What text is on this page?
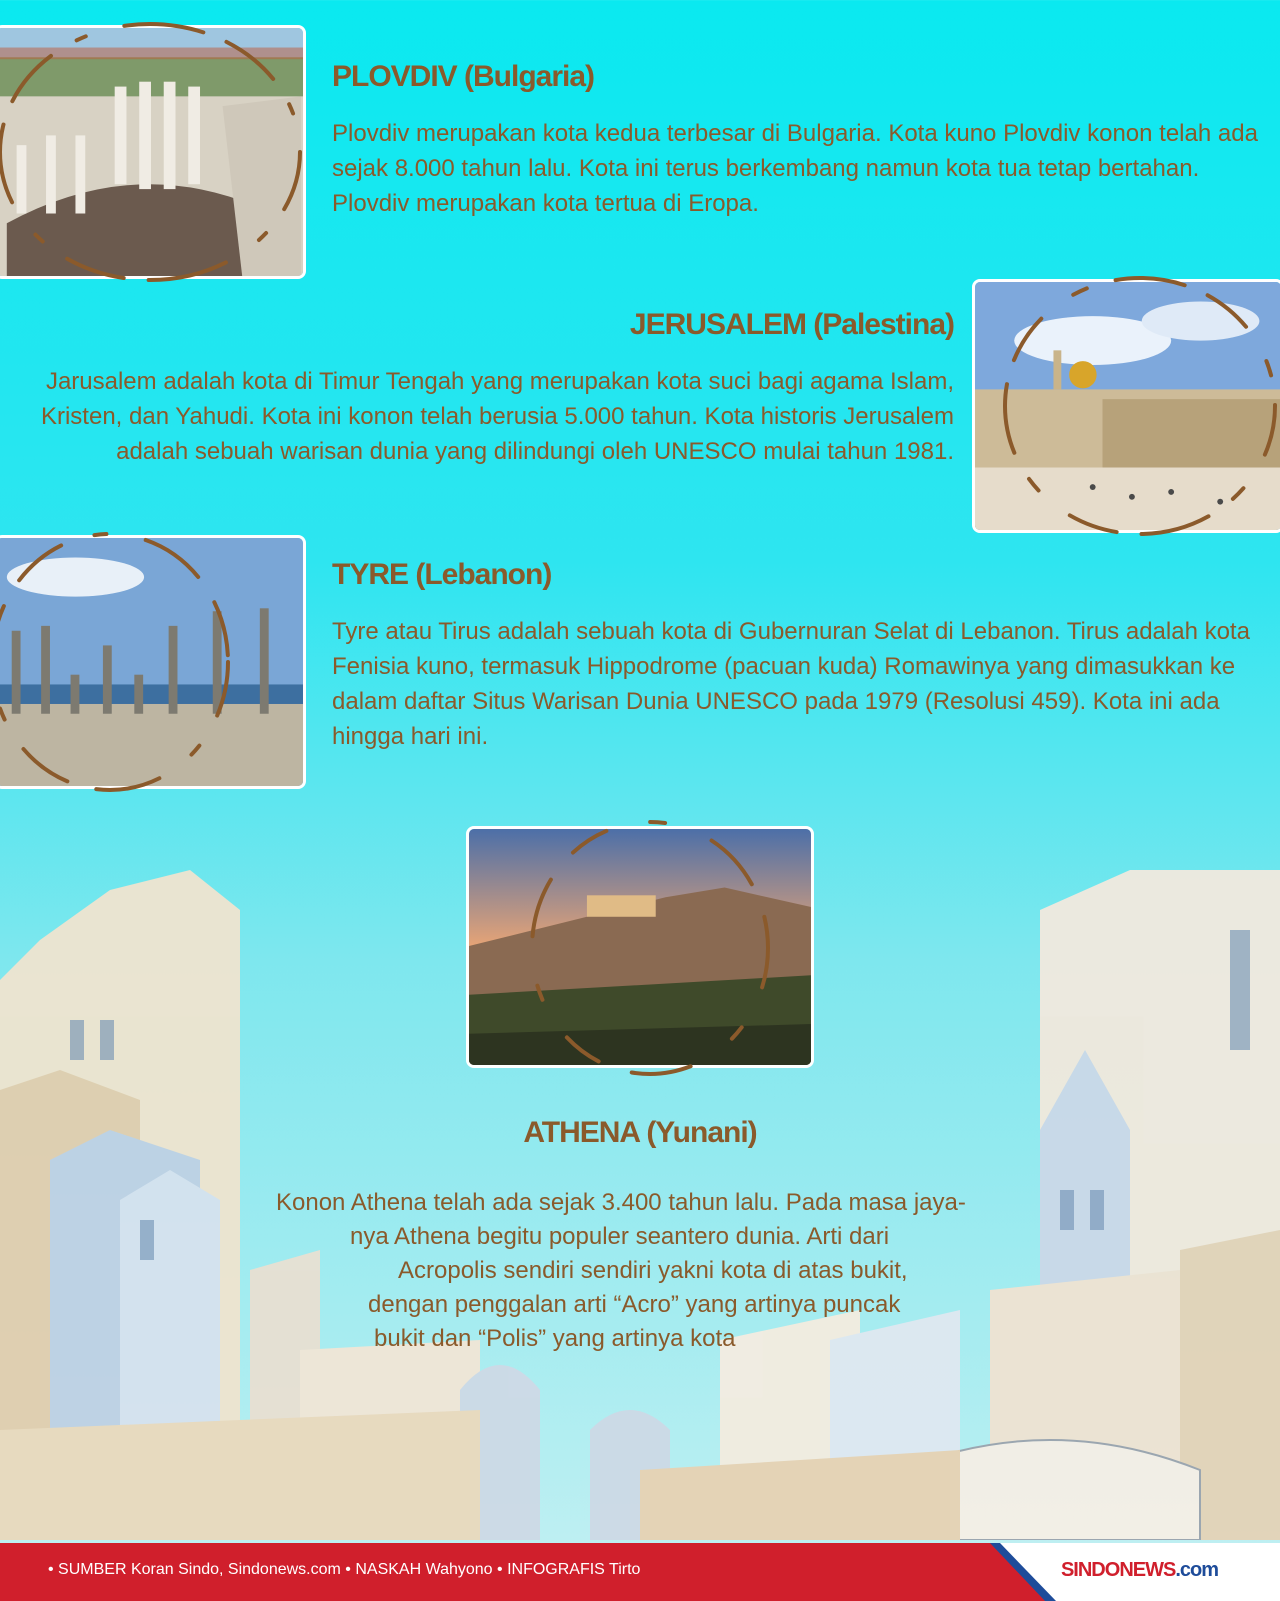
PLOVDIV (Bulgaria)

Plovdiv merupakan kota kedua terbesar di Bulgaria. Kota kuno Plovdiv konon telah ada sejak 8.000 tahun lalu. Kota ini terus berkembang namun kota tua tetap bertahan. Plovdiv merupakan kota tertua di Eropa.

JERUSALEM (Palestina)

Jarusalem adalah kota di Timur Tengah yang merupakan kota suci bagi agama Islam, Kristen, dan Yahudi. Kota ini konon telah berusia 5.000 tahun. Kota historis Jerusalem adalah sebuah warisan dunia yang dilindungi oleh UNESCO mulai tahun 1981.

TYRE (Lebanon)

Tyre atau Tirus adalah sebuah kota di Gubernuran Selat di Lebanon. Tirus adalah kota Fenisia kuno, termasuk Hippodrome (pacuan kuda) Romawinya yang dimasukkan ke dalam daftar Situs Warisan Dunia UNESCO pada 1979 (Resolusi 459). Kota ini ada hingga hari ini.

ATHENA (Yunani)

Konon Athena telah ada sejak 3.400 tahun lalu. Pada masa jaya-

nya Athena begitu populer seantero dunia. Arti dari

Acropolis sendiri sendiri yakni kota di atas bukit,

dengan penggalan arti “Acro” yang artinya puncak

bukit dan “Polis” yang artinya kota

• SUMBER Koran Sindo, Sindonews.com • NASKAH Wahyono • INFOGRAFIS Tirto	SINDONEWS.com
